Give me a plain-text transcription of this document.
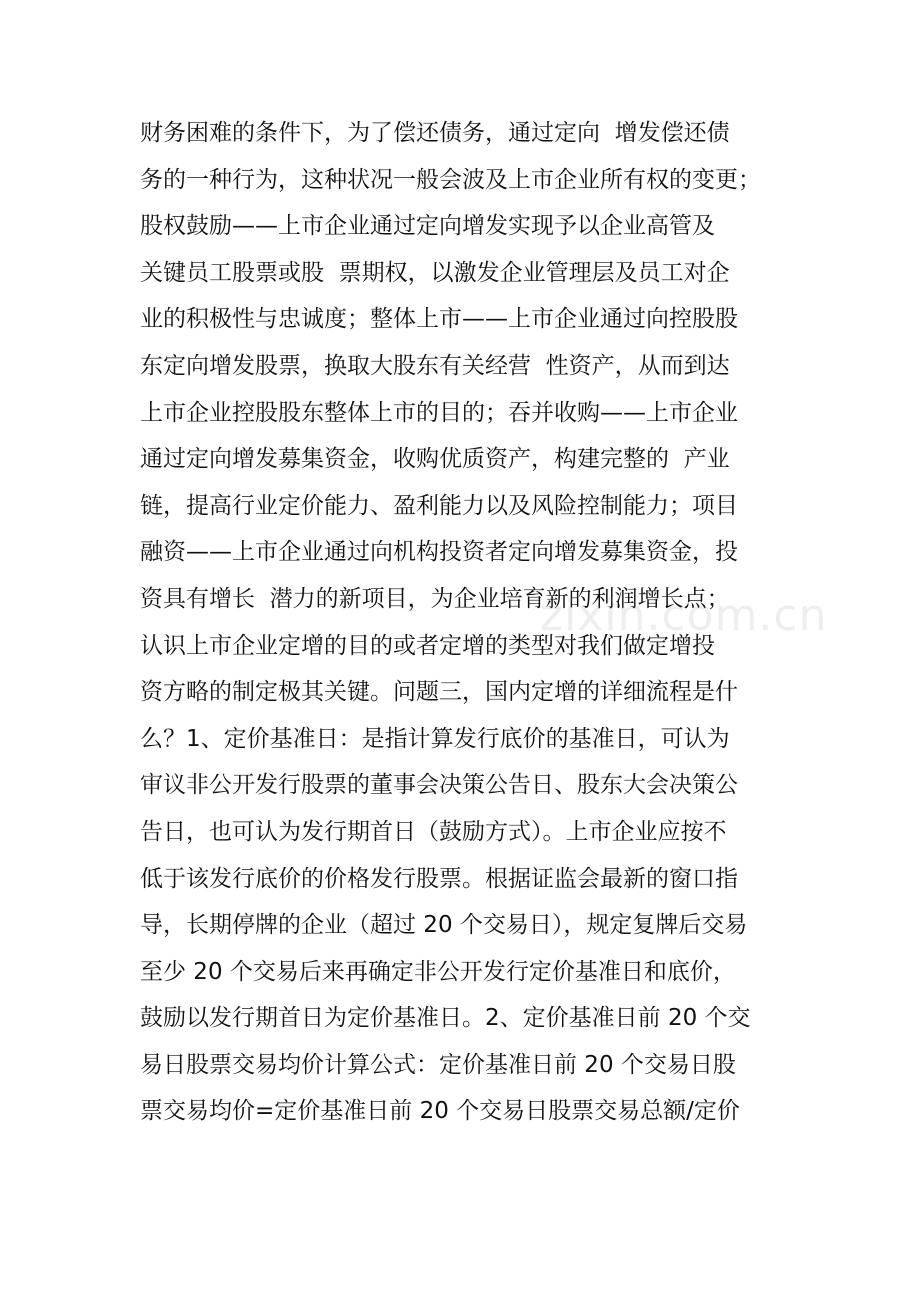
财务困难的条件下，为了偿还债务，通过定向  增发偿还债
务的一种行为，这种状况一般会波及上市企业所有权的变更；
股权鼓励——上市企业通过定向增发实现予以企业高管及
关键员工股票或股  票期权，以激发企业管理层及员工对企
业的积极性与忠诚度；整体上市——上市企业通过向控股股
东定向增发股票，换取大股东有关经营  性资产，从而到达
上市企业控股股东整体上市的目的；吞并收购——上市企业
通过定向增发募集资金，收购优质资产，构建完整的  产业
链，提高行业定价能力、盈利能力以及风险控制能力；项目
融资——上市企业通过向机构投资者定向增发募集资金，投
资具有增长  潜力的新项目，为企业培育新的利润增长点；
认识上市企业定增的目的或者定增的类型对我们做定增投
资方略的制定极其关键。问题三，国内定增的详细流程是什
么？1、定价基准日：是指计算发行底价的基准日，可认为
审议非公开发行股票的董事会决策公告日、股东大会决策公
告日，也可认为发行期首日（鼓励方式）。上市企业应按不
低于该发行底价的价格发行股票。根据证监会最新的窗口指
导，长期停牌的企业（超过 20 个交易日），规定复牌后交易
至少 20 个交易后来再确定非公开发行定价基准日和底价，
鼓励以发行期首日为定价基准日。2、定价基准日前 20 个交
易日股票交易均价计算公式：定价基准日前 20 个交易日股
票交易均价=定价基准日前 20 个交易日股票交易总额/定价
zixin.com.cn
